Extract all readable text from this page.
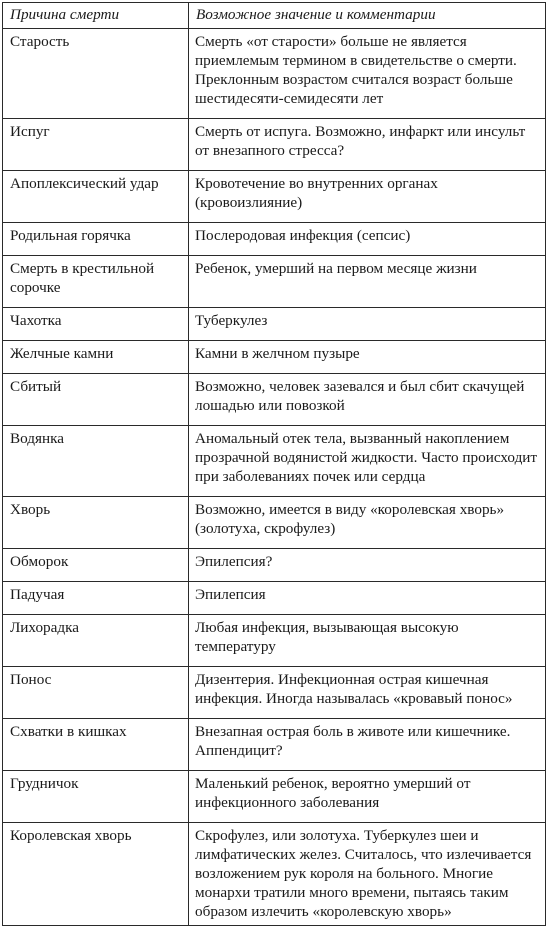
Причина смерти	Возможное значение и комментарии
Старость	Смерть «от старости» больше не является приемлемым термином в свидетельстве о смерти. Преклонным возрастом считался возраст больше шестидесяти-семидесяти лет
Испуг	Смерть от испуга. Возможно, инфаркт или инсульт от внезапного стресса?
Апоплексический удар	Кровотечение во внутренних органах (кровоизлияние)
Родильная горячка	Послеродовая инфекция (сепсис)
Смерть в крестильной сорочке	Ребенок, умерший на первом месяце жизни
Чахотка	Туберкулез
Желчные камни	Камни в желчном пузыре
Сбитый	Возможно, человек зазевался и был сбит скачущей лошадью или повозкой
Водянка	Аномальный отек тела, вызванный накоплением прозрачной водянистой жидкости. Часто происходит при заболеваниях почек или сердца
Хворь	Возможно, имеется в виду «королевская хворь» (золотуха, скрофулез)
Обморок	Эпилепсия?
Падучая	Эпилепсия
Лихорадка	Любая инфекция, вызывающая высокую температуру
Понос	Дизентерия. Инфекционная острая кишечная инфекция. Иногда называлась «кровавый понос»
Схватки в кишках	Внезапная острая боль в животе или кишечнике. Аппендицит?
Грудничок	Маленький ребенок, вероятно умерший от инфекционного заболевания
Королевская хворь	Скрофулез, или золотуха. Туберкулез шеи и лимфатических желез. Считалось, что излечивается возложением рук короля на больного. Многие монархи тратили много времени, пытаясь таким образом излечить «королевскую хворь»
